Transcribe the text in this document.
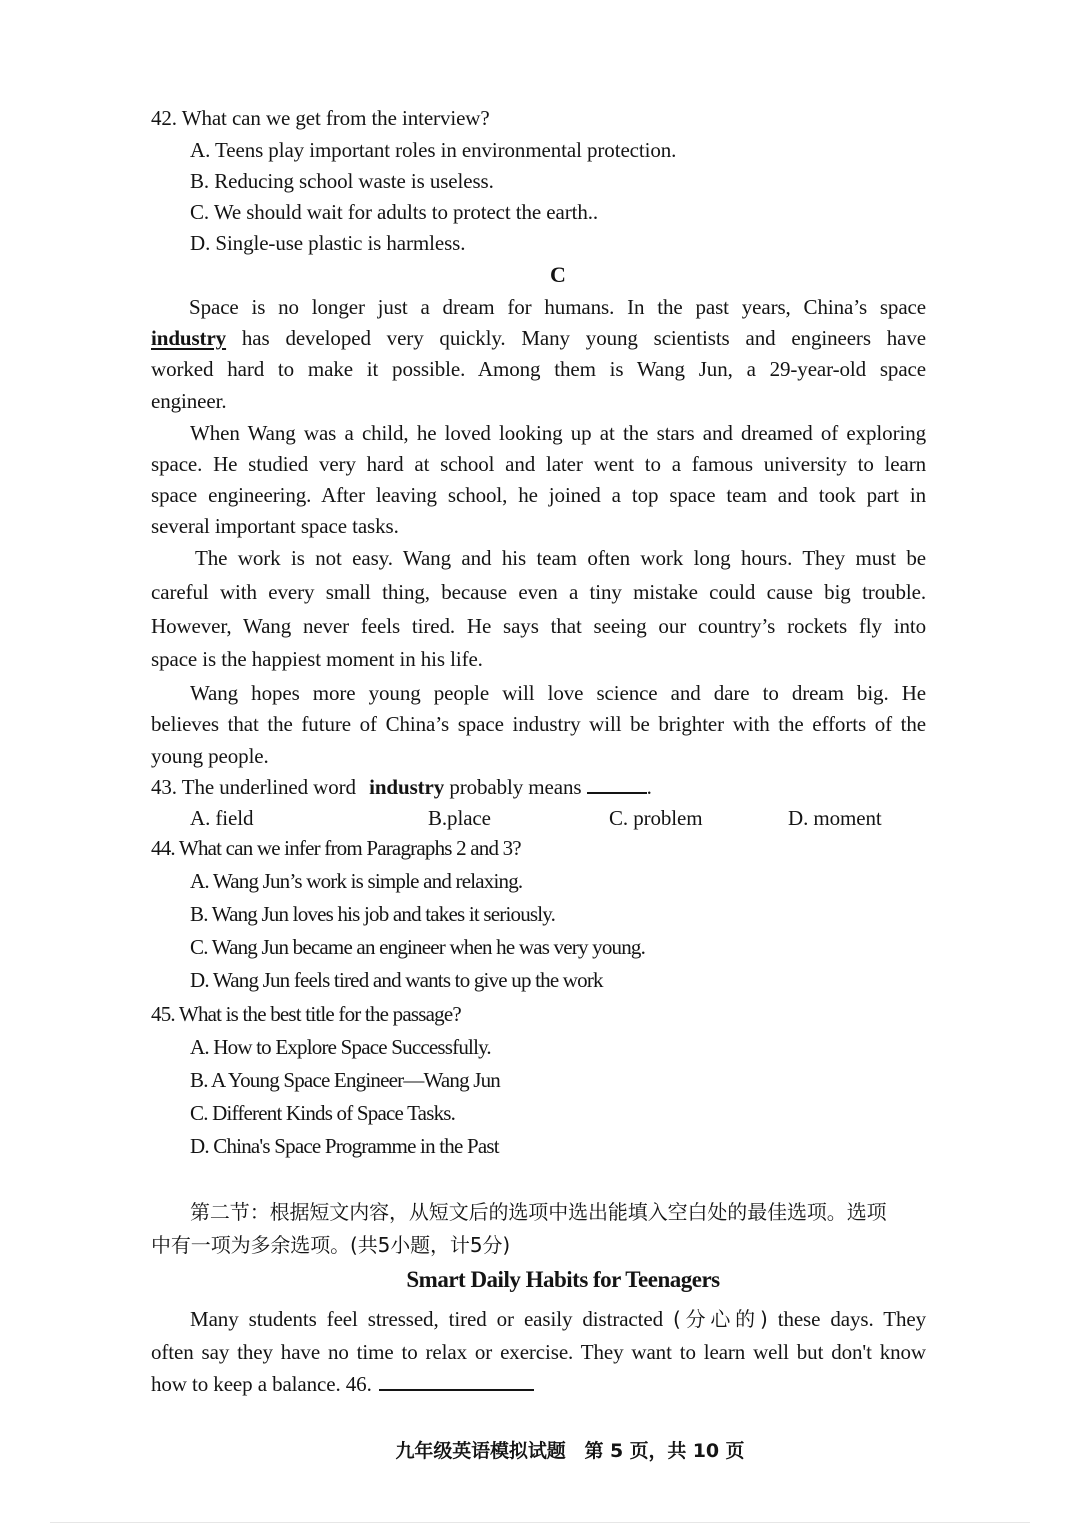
42. What can we get from the interview?
A. Teens play important roles in environmental protection.
B. Reducing school waste is useless.
C. We should wait for adults to protect the earth..
D. Single-use plastic is harmless.
C
Space is no longer just a dream for humans. In the past years, China’s space
industry has developed very quickly. Many young scientists and engineers have
worked hard to make it possible. Among them is Wang Jun, a 29-year-old space
engineer.
When Wang was a child, he loved looking up at the stars and dreamed of exploring
space. He studied very hard at school and later went to a famous university to learn
space engineering. After leaving school, he joined a top space team and took part in
several important space tasks.
The work is not easy. Wang and his team often work long hours. They must be
careful with every small thing, because even a tiny mistake could cause big trouble.
However, Wang never feels tired. He says that seeing our country’s rockets fly into
space is the happiest moment in his life.
Wang hopes more young people will love science and dare to dream big. He
believes that the future of China’s space industry will be brighter with the efforts of the
young people.
43. The underlined word industry probably means	.
A. field	B.place	C. problem	D. moment
44. What can we infer from Paragraphs 2 and 3?
A. Wang Jun’s work is simple and relaxing.
B. Wang Jun loves his job and takes it seriously.
C. Wang Jun became an engineer when he was very young.
D. Wang Jun feels tired and wants to give up the work
45. What is the best title for the passage?
A. How to Explore Space Successfully.
B. A Young Space Engineer—Wang Jun
C. Different Kinds of Space Tasks.
D. China's Space Programme in the Past
第二节：根据短文内容，从短文后的选项中选出能填入空白处的最佳选项。选项
中有一项为多余选项。(共5小题，计5分)
Smart Daily Habits for Teenagers
Many students feel stressed, tired or easily distracted (分心的) these days. They
often say they have no time to relax or exercise. They want to learn well but don't know
how to keep a balance. 46.
九年级英语模拟试题　第 5 页，共 10 页
